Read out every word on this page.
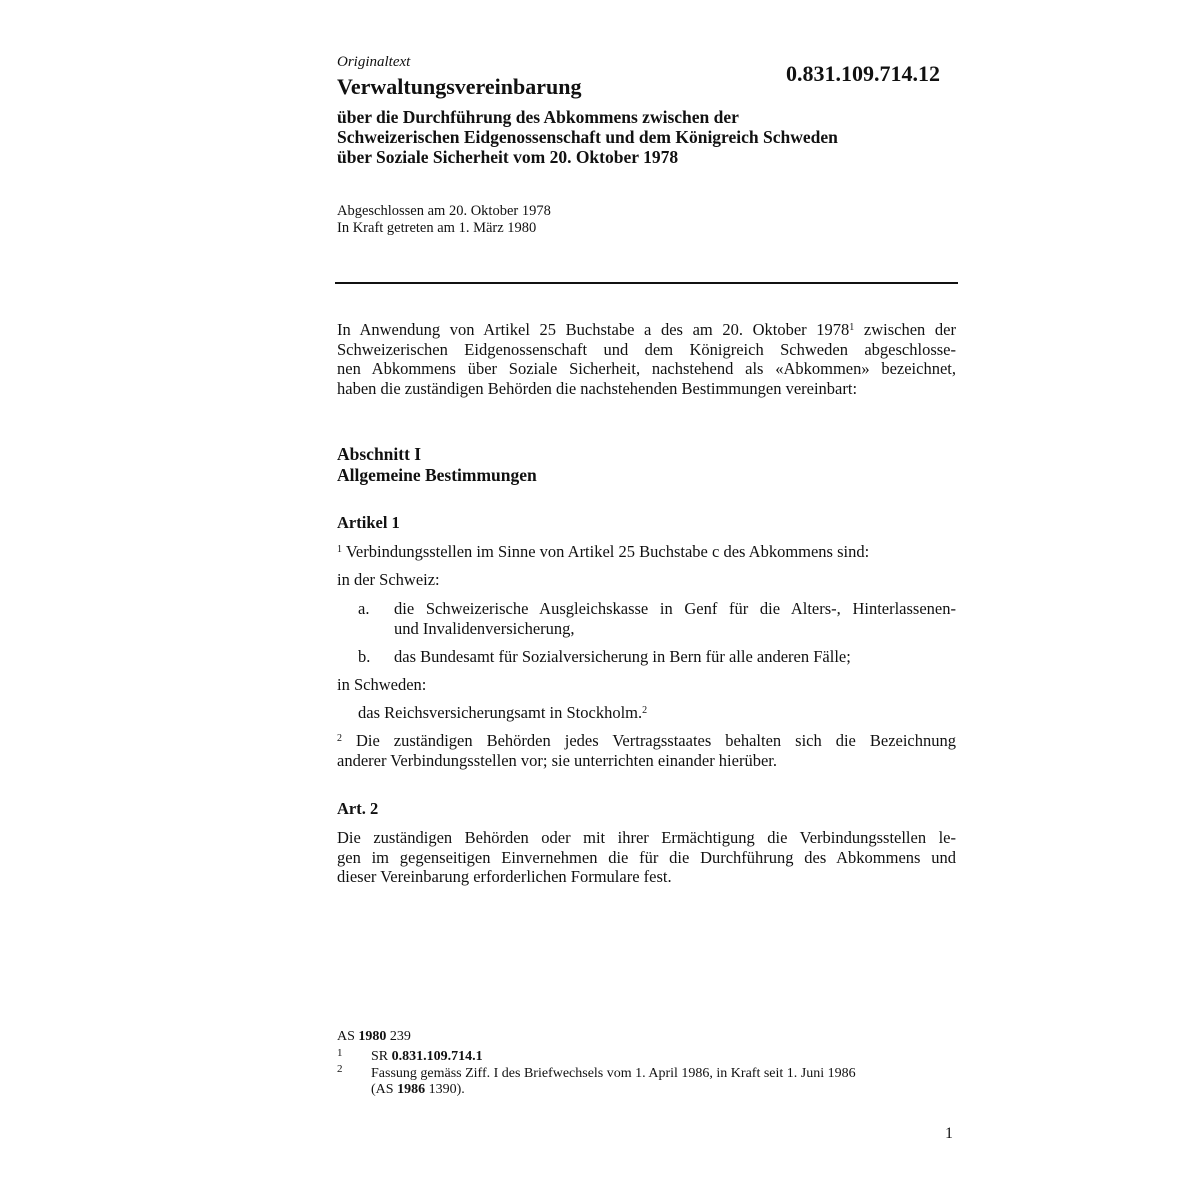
Originaltext
Verwaltungsvereinbarung
0.831.109.714.12
über die Durchführung des Abkommens zwischen der
Schweizerischen Eidgenossenschaft und dem Königreich Schweden
über Soziale Sicherheit vom 20. Oktober 1978
Abgeschlossen am 20. Oktober 1978
In Kraft getreten am 1. März 1980
In Anwendung von Artikel 25 Buchstabe a des am 20. Oktober 1978$^1$ zwischen der
Schweizerischen Eidgenossenschaft und dem Königreich Schweden abgeschlosse-
nen Abkommens über Soziale Sicherheit, nachstehend als «Abkommen» bezeichnet,
haben die zuständigen Behörden die nachstehenden Bestimmungen vereinbart:
Abschnitt I
Allgemeine Bestimmungen
Artikel 1
$^1$ Verbindungsstellen im Sinne von Artikel 25 Buchstabe c des Abkommens sind:
in der Schweiz:
a. die Schweizerische Ausgleichskasse in Genf für die Alters-, Hinterlassenen-
und Invalidenversicherung,
b. das Bundesamt für Sozialversicherung in Bern für alle anderen Fälle;
in Schweden:
das Reichsversicherungsamt in Stockholm.$^2$
$^2$ Die zuständigen Behörden jedes Vertragsstaates behalten sich die Bezeichnung
anderer Verbindungsstellen vor; sie unterrichten einander hierüber.
Art. 2
Die zuständigen Behörden oder mit ihrer Ermächtigung die Verbindungsstellen le-
gen im gegenseitigen Einvernehmen die für die Durchführung des Abkommens und
dieser Vereinbarung erforderlichen Formulare fest.
AS 1980 239
1 SR 0.831.109.714.1
2 Fassung gemäss Ziff. I des Briefwechsels vom 1. April 1986, in Kraft seit 1. Juni 1986
(AS 1986 1390).
1
